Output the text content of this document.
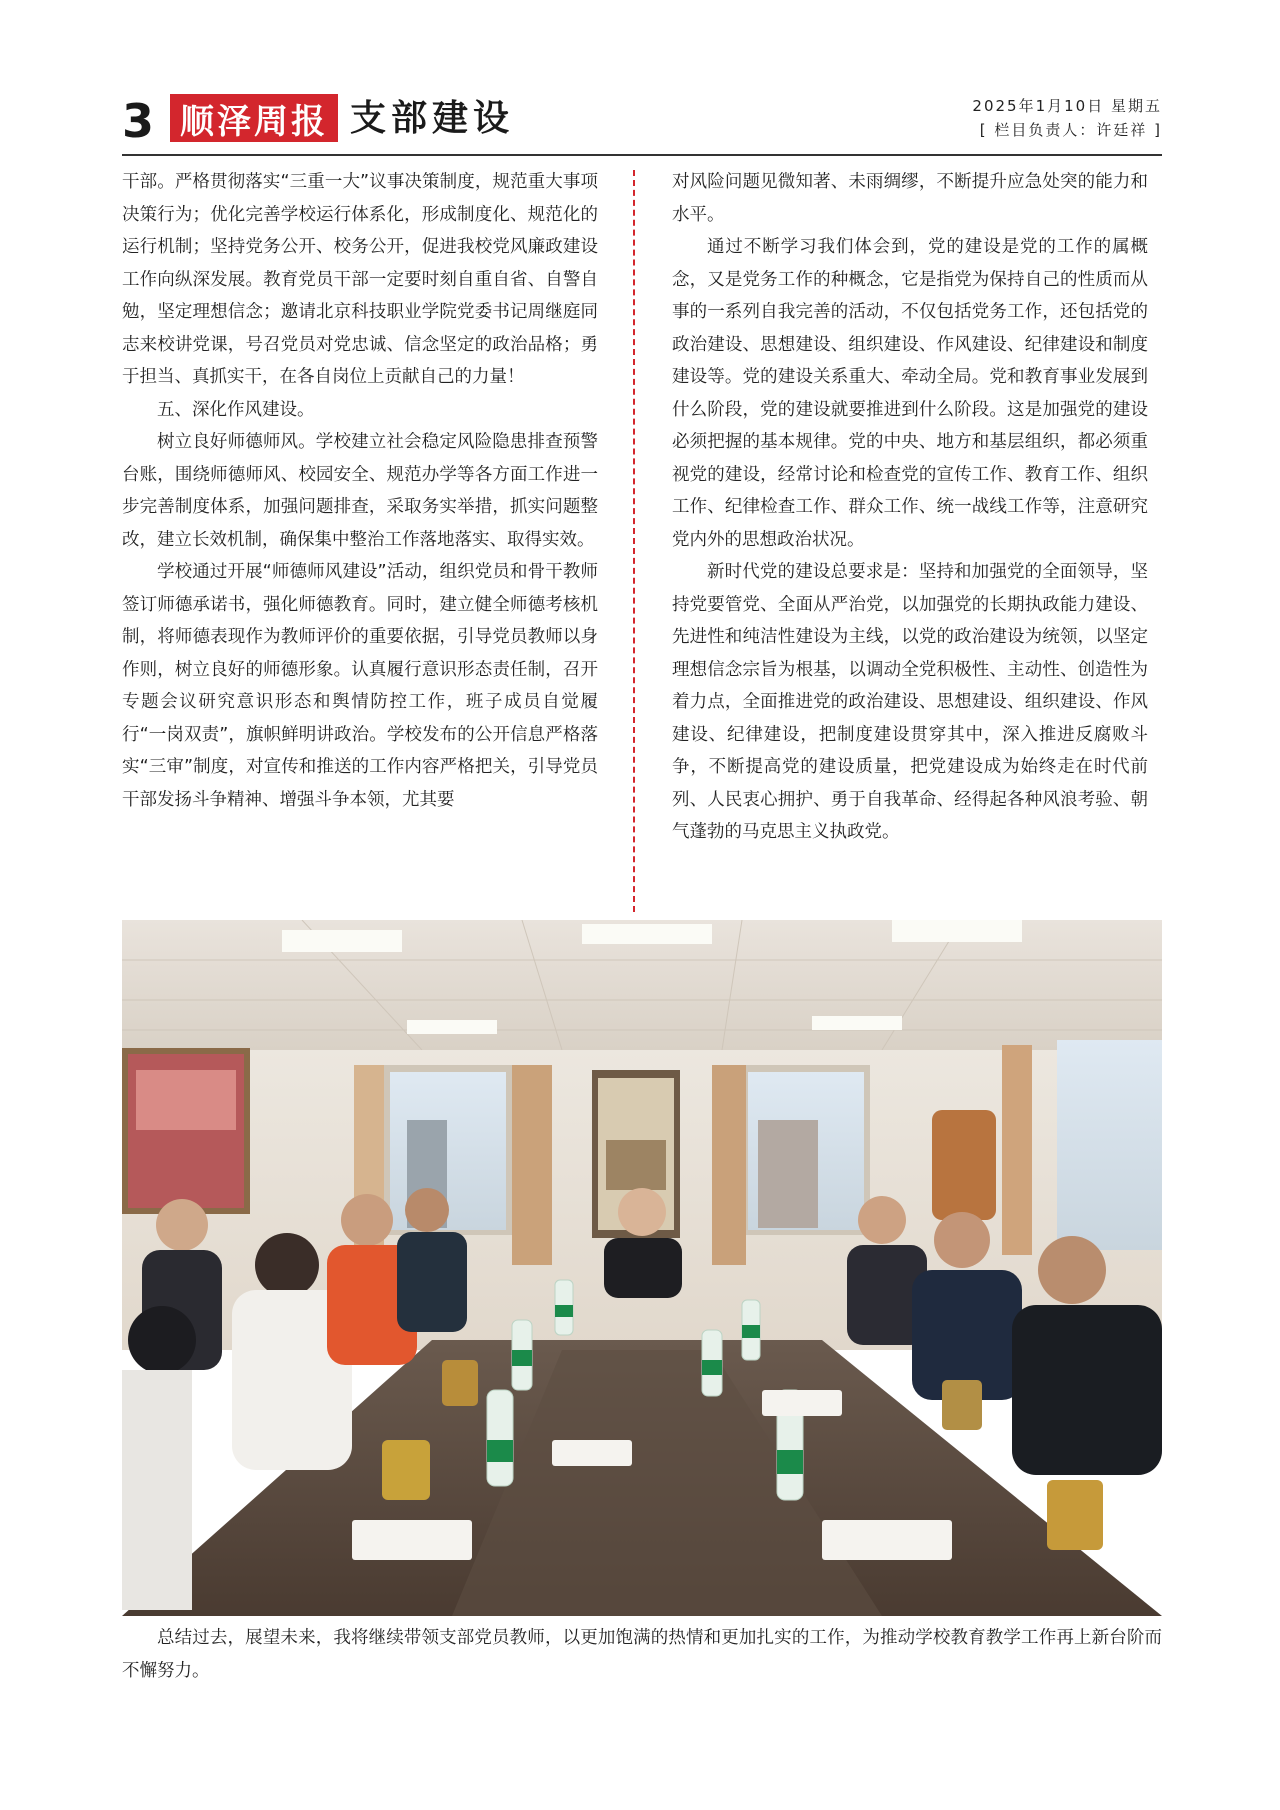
3 顺泽周报 支部建设	2025年1月10日 星期五
[ 栏目负责人：许廷祥 ]

干部。严格贯彻落实“三重一大”议事决策制度，规范重大事项决策行为；优化完善学校运行体系化，形成制度化、规范化的运行机制；坚持党务公开、校务公开，促进我校党风廉政建设工作向纵深发展。教育党员干部一定要时刻自重自省、自警自勉，坚定理想信念；邀请北京科技职业学院党委书记周继庭同志来校讲党课，号召党员对党忠诚、信念坚定的政治品格；勇于担当、真抓实干，在各自岗位上贡献自己的力量！

五、深化作风建设。

树立良好师德师风。学校建立社会稳定风险隐患排查预警台账，围绕师德师风、校园安全、规范办学等各方面工作进一步完善制度体系，加强问题排查，采取务实举措，抓实问题整改，建立长效机制，确保集中整治工作落地落实、取得实效。

学校通过开展“师德师风建设”活动，组织党员和骨干教师签订师德承诺书，强化师德教育。同时，建立健全师德考核机制，将师德表现作为教师评价的重要依据，引导党员教师以身作则，树立良好的师德形象。认真履行意识形态责任制，召开专题会议研究意识形态和舆情防控工作，班子成员自觉履行“一岗双责”，旗帜鲜明讲政治。学校发布的公开信息严格落实“三审”制度，对宣传和推送的工作内容严格把关，引导党员干部发扬斗争精神、增强斗争本领，尤其要

对风险问题见微知著、未雨绸缪，不断提升应急处突的能力和水平。

通过不断学习我们体会到，党的建设是党的工作的属概念，又是党务工作的种概念，它是指党为保持自己的性质而从事的一系列自我完善的活动，不仅包括党务工作，还包括党的政治建设、思想建设、组织建设、作风建设、纪律建设和制度建设等。党的建设关系重大、牵动全局。党和教育事业发展到什么阶段，党的建设就要推进到什么阶段。这是加强党的建设必须把握的基本规律。党的中央、地方和基层组织，都必须重视党的建设，经常讨论和检查党的宣传工作、教育工作、组织工作、纪律检查工作、群众工作、统一战线工作等，注意研究党内外的思想政治状况。

新时代党的建设总要求是：坚持和加强党的全面领导，坚持党要管党、全面从严治党，以加强党的长期执政能力建设、先进性和纯洁性建设为主线，以党的政治建设为统领，以坚定理想信念宗旨为根基，以调动全党积极性、主动性、创造性为着力点，全面推进党的政治建设、思想建设、组织建设、作风建设、纪律建设，把制度建设贯穿其中，深入推进反腐败斗争，不断提高党的建设质量，把党建设成为始终走在时代前列、人民衷心拥护、勇于自我革命、经得起各种风浪考验、朝气蓬勃的马克思主义执政党。

总结过去，展望未来，我将继续带领支部党员教师，以更加饱满的热情和更加扎实的工作，为推动学校教育教学工作再上新台阶而不懈努力。
